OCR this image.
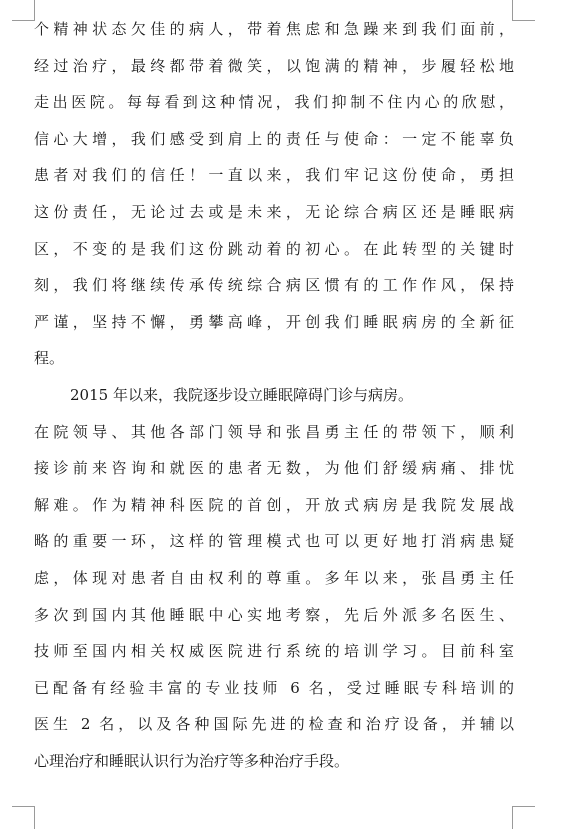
个精神状态欠佳的病人，带着焦虑和急躁来到我们面前，
经过治疗，最终都带着微笑，以饱满的精神，步履轻松地
走出医院。每每看到这种情况，我们抑制不住内心的欣慰，
信心大增，我们感受到肩上的责任与使命：一定不能辜负
患者对我们的信任！一直以来，我们牢记这份使命，勇担
这份责任，无论过去或是未来，无论综合病区还是睡眠病
区，不变的是我们这份跳动着的初心。在此转型的关键时
刻，我们将继续传承传统综合病区惯有的工作作风，保持
严谨，坚持不懈，勇攀高峰，开创我们睡眠病房的全新征
程。
2015 年以来，我院逐步设立睡眠障碍门诊与病房。
在院领导、其他各部门领导和张昌勇主任的带领下，顺利
接诊前来咨询和就医的患者无数，为他们舒缓病痛、排忧
解难。作为精神科医院的首创，开放式病房是我院发展战
略的重要一环，这样的管理模式也可以更好地打消病患疑
虑，体现对患者自由权利的尊重。多年以来，张昌勇主任
多次到国内其他睡眠中心实地考察，先后外派多名医生、
技师至国内相关权威医院进行系统的培训学习。目前科室
已配备有经验丰富的专业技师 6 名，受过睡眠专科培训的
医生 2 名，以及各种国际先进的检查和治疗设备，并辅以
心理治疗和睡眠认识行为治疗等多种治疗手段。
